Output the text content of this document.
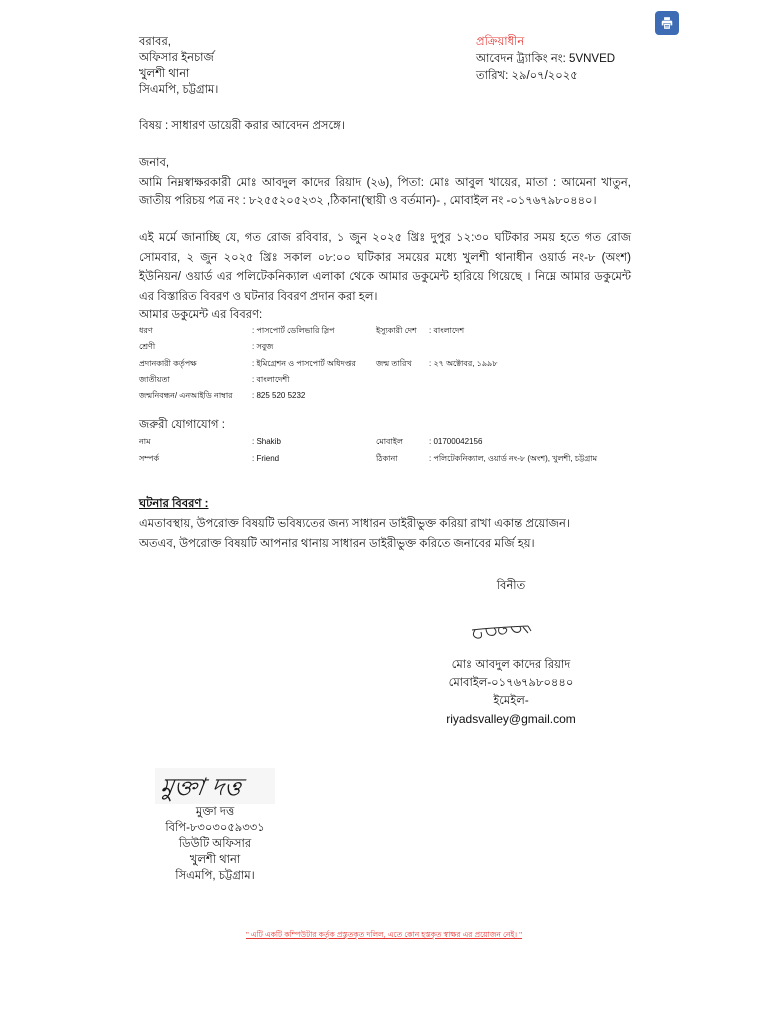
বরাবর,
অফিসার ইনচার্জ
খুলশী থানা
সিএমপি, চট্টগ্রাম।
প্রক্রিয়াধীন
আবেদন ট্র্যাকিং নং: 5VNVED
তারিখ: ২৯/০৭/২০২৫
বিষয় : সাধারণ ডায়েরী করার আবেদন প্রসঙ্গে।
জনাব,
আমি নিম্নস্বাক্ষরকারী মোঃ আবদুল কাদের রিয়াদ (২৬), পিতা: মোঃ আবুল খায়ের, মাতা : আমেনা খাতুন, জাতীয় পরিচয় পত্র নং : ৮২৫৫২০৫২৩২ ,ঠিকানা(স্থায়ী ও বর্তমান)- , মোবাইল নং -০১৭৬৭৯৮০৪৪০।
এই মর্মে জানাচ্ছি যে, গত রোজ রবিবার, ১ জুন ২০২৫ খ্রিঃ দুপুর ১২:৩০ ঘটিকার সময় হতে গত রোজ সোমবার, ২ জুন ২০২৫ খ্রিঃ সকাল ০৮:০০ ঘটিকার সময়ের মধ্যে খুলশী থানাধীন ওয়ার্ড নং-৮ (অংশ) ইউনিয়ন/ ওয়ার্ড এর পলিটেকনিক্যাল এলাকা থেকে আমার ডকুমেন্ট হারিয়ে গিয়েছে । নিম্নে আমার ডকুমেন্ট এর বিস্তারিত বিবরণ ও ঘটনার বিবরণ প্রদান করা হল।
আমার ডকুমেন্ট এর বিবরণ:
ধরণ	: পাসপোর্ট ডেলিভারি স্লিপ	ইস্যুকারী দেশ	: বাংলাদেশ
শ্রেণী	: সবুজ
প্রদানকারী কর্তৃপক্ষ	: ইমিগ্রেশন ও পাসপোর্ট অধিদপ্তর	জন্ম তারিখ	: ২৭ অক্টোবর, ১৯৯৮
জাতীয়তা	: বাংলাদেশী
জন্মনিবন্ধন/ এনআইডি নাম্বার	: 825 520 5232
জরুরী যোগাযোগ :
নাম	: Shakib	মোবাইল	: 01700042156
সম্পর্ক	: Friend	ঠিকানা	: পলিটেকনিক্যাল, ওয়ার্ড নং-৮ (অংশ), খুলশী, চট্টগ্রাম
ঘটনার বিবরণ :
এমতাবস্থায়, উপরোক্ত বিষয়টি ভবিষ্যতের জন্য সাধারন ডাইরীভুক্ত করিয়া রাখা একান্ত প্রয়োজন।
অতএব, উপরোক্ত বিষয়টি আপনার থানায় সাধারন ডাইরীভুক্ত করিতে জনাবের মর্জি হয়।
বিনীত
মোঃ আবদুল কাদের রিয়াদ
মোবাইল-০১৭৬৭৯৮০৪৪০
ইমেইল-
riyadsvalley@gmail.com
মুক্তা দত্ত
মুক্তা দত্ত
বিপি-৮৩০৩০৫৯৩৩১
ডিউটি অফিসার
খুলশী থানা
সিএমপি, চট্টগ্রাম।
'' এটি একটি কম্পিউটার কর্তৃক প্রস্তুতকৃত দলিল, এতে কোন হস্তকৃত স্বাক্ষর এর প্রয়োজন নেই। ''
